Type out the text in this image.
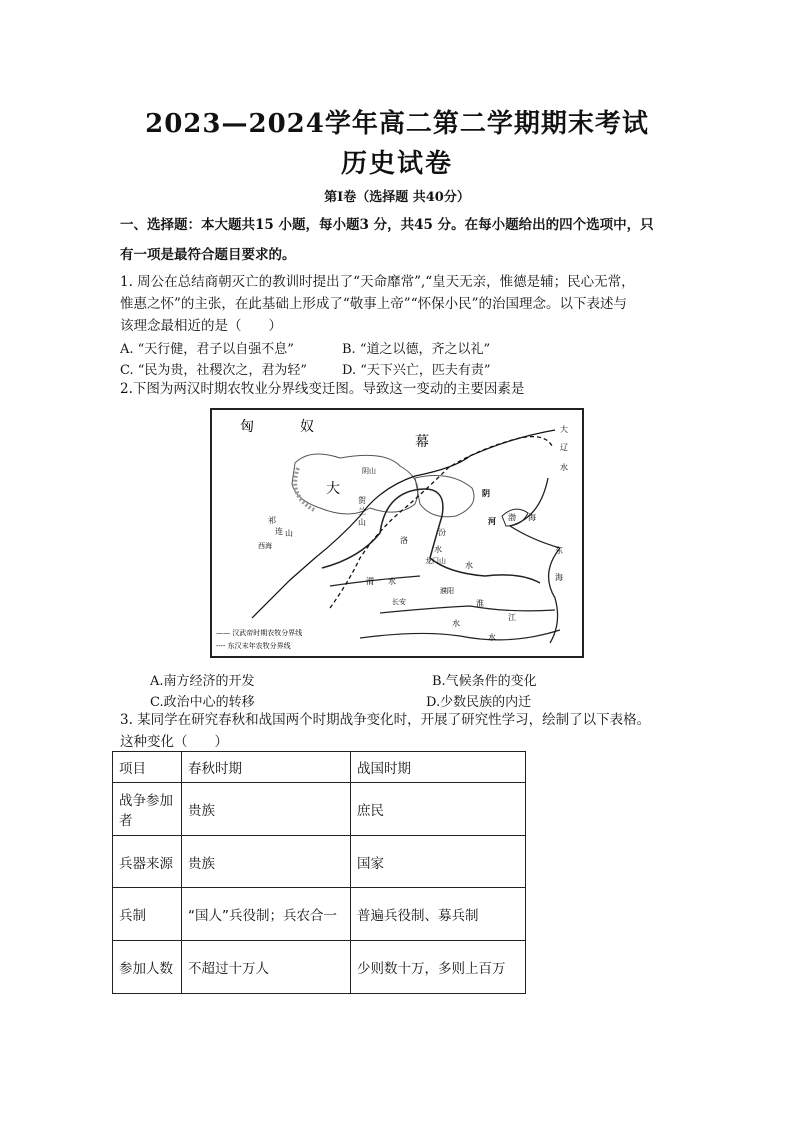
2023—2024学年高二第二学期期末考试
历史试卷
第Ⅰ卷（选择题 共40分）
一、选择题：本大题共15 小题，每小题3 分，共45 分。在每小题给出的四个选项中，只
有一项是最符合题目要求的。
1. 周公在总结商朝灭亡的教训时提出了“天命靡常”,“皇天无亲，惟德是辅；民心无常，
惟惠之怀”的主张，在此基础上形成了“敬事上帝”“怀保小民”的治国理念。以下表述与
该理念最相近的是（　　）
A. “天行健，君子以自强不息”	B. “道之以德，齐之以礼”
C. “民为贵，社稷次之，君为轻”	D. “天下兴亡，匹夫有责”
2.下图为两汉时期农牧业分界线变迁图。导致这一变动的主要因素是
—— 汉武帝时期农牧分界线
---- 东汉末年农牧分界线
匈	奴
幕
大
阴山
贺
兰
山
祁
连 山
西海
洛
汾
水
龙门山
渭 水
长安
濮阳
淮
水
江
水
水
渤 海
东
海
大
辽
水
阴
河
A.南方经济的开发	B.气候条件的变化
C.政治中心的转移	D.少数民族的内迁
3. 某同学在研究春秋和战国两个时期战争变化时，开展了研究性学习，绘制了以下表格。
这种变化（　　）
项目	春秋时期	战国时期
战争参加者	贵族	庶民
兵器来源	贵族	国家
兵制	“国人”兵役制；兵农合一	普遍兵役制、募兵制
参加人数	不超过十万人	少则数十万，多则上百万
